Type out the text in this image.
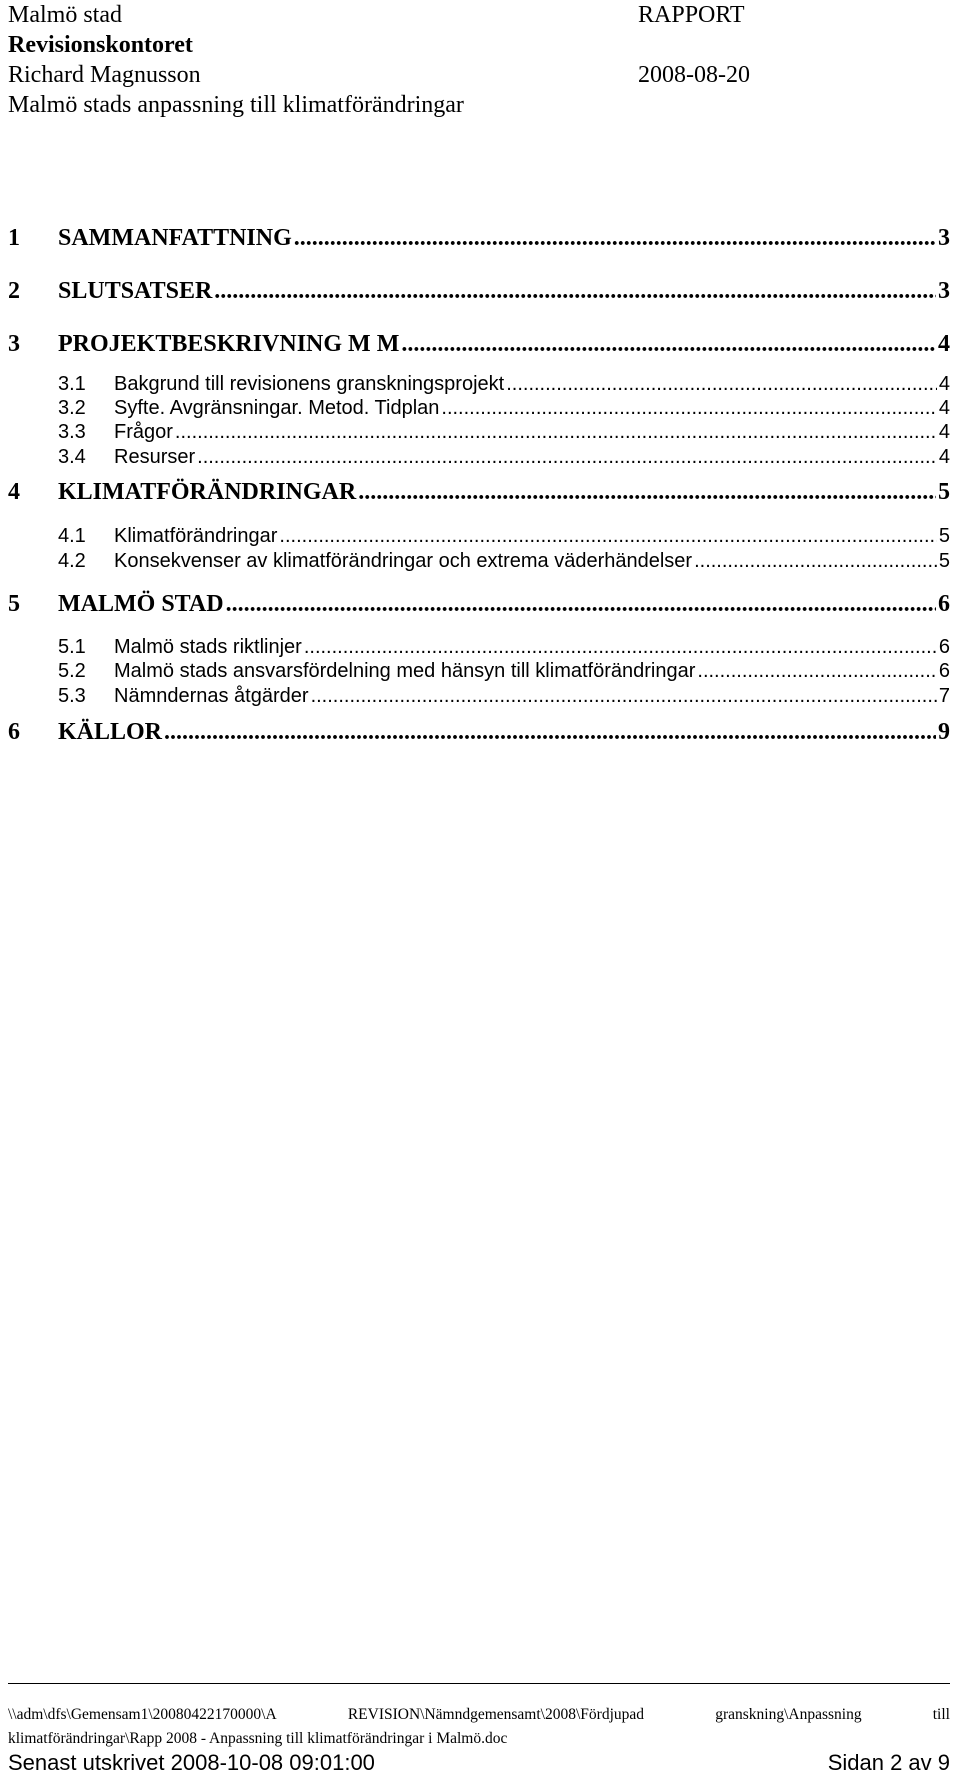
Malmö stad	RAPPORT
Revisionskontoret
Richard Magnusson	2008-08-20
Malmö stads anpassning till klimatförändringar
1	SAMMANFATTNING .....	3
2	SLUTSATSER .....	3
3	PROJEKTBESKRIVNING M M .....	4
3.1	Bakgrund till revisionens granskningsprojekt .....	4
3.2	Syfte. Avgränsningar. Metod. Tidplan .....	4
3.3	Frågor .....	4
3.4	Resurser .....	4
4	KLIMATFÖRÄNDRINGAR .....	5
4.1	Klimatförändringar .....	5
4.2	Konsekvenser av klimatförändringar och extrema väderhändelser .....	5
5	MALMÖ STAD .....	6
5.1	Malmö stads riktlinjer .....	6
5.2	Malmö stads ansvarsfördelning med hänsyn till klimatförändringar .....	6
5.3	Nämndernas åtgärder .....	7
6	KÄLLOR .....	9
\\adm\dfs\Gemensam1\20080422170000\A	REVISION\Nämndgemensamt\2008\Fördjupad	granskning\Anpassning	till
klimatförändringar\Rapp 2008 - Anpassning till klimatförändringar i Malmö.doc
Senast utskrivet 2008-10-08 09:01:00	Sidan 2 av 9
